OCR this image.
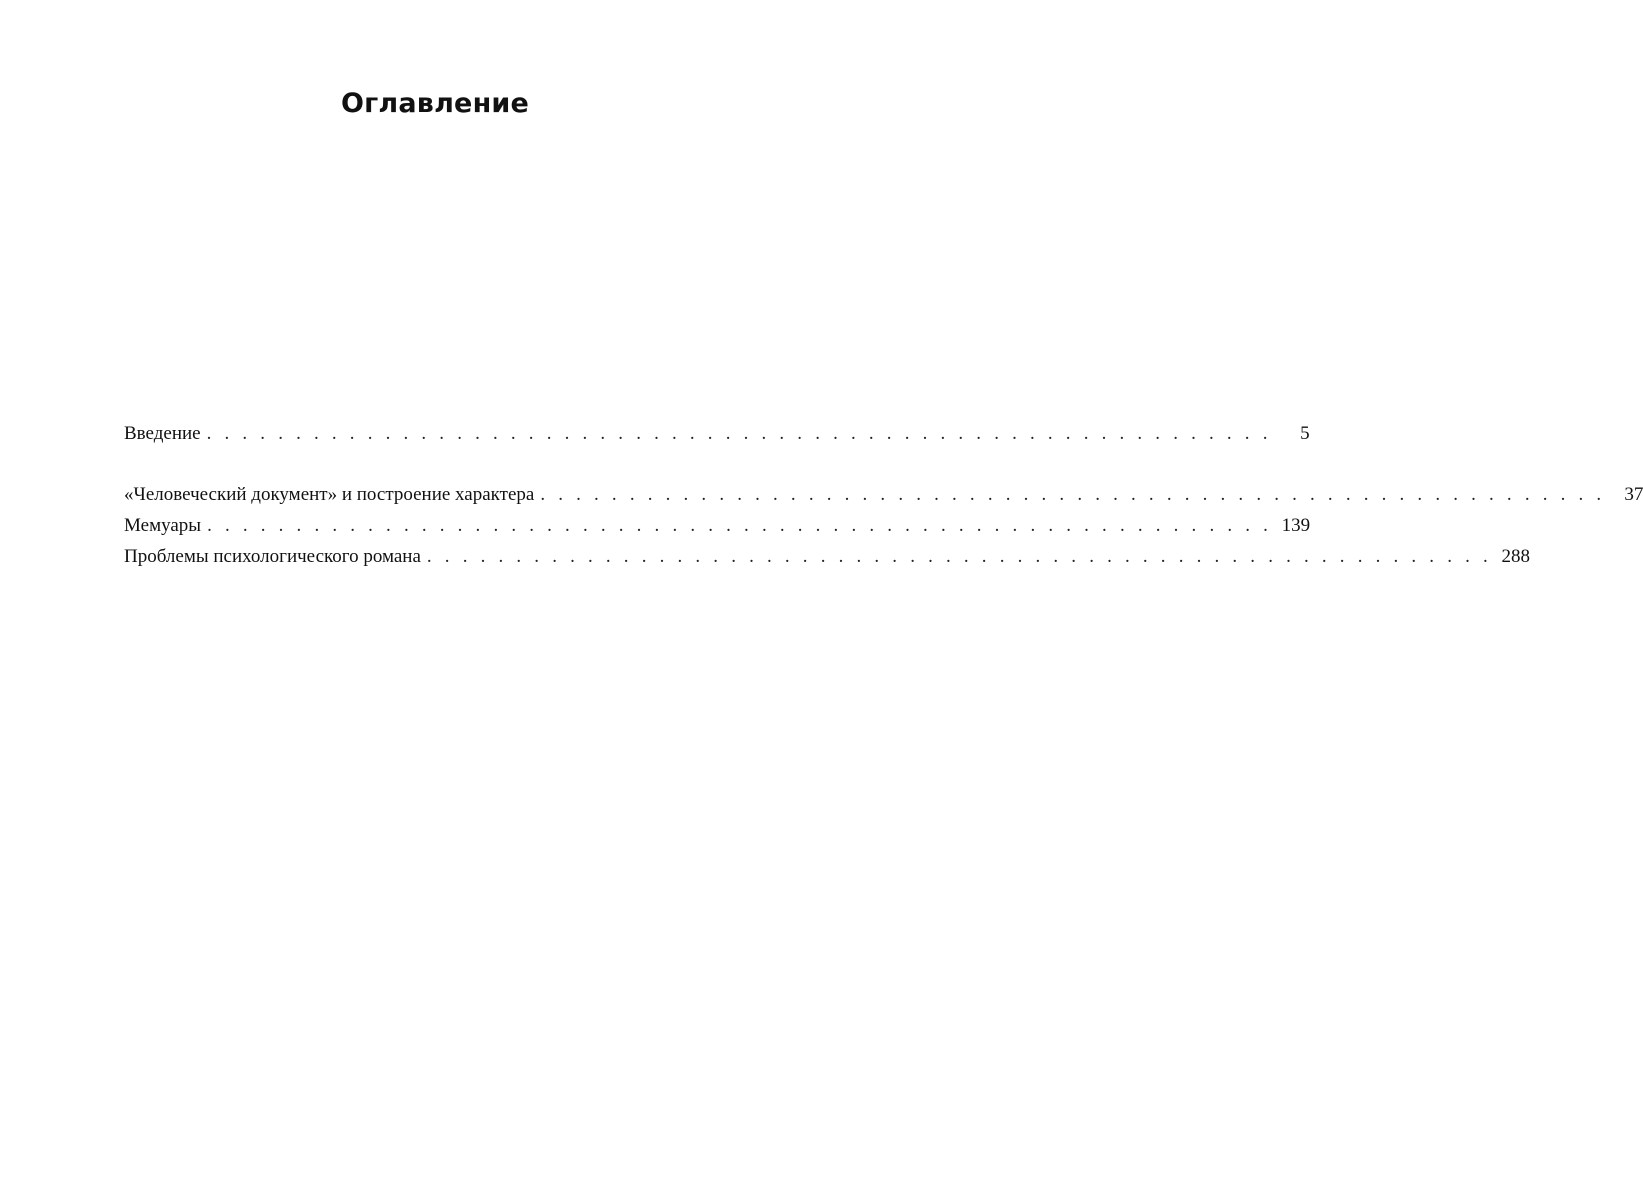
Оглавление
Введение . . . . . . . . . . . . . . . . . . . . . . . . . . . . . . . . . . . . . . . . . . . . . . . . . . . . . . . . . . . .	5
«Человеческий документ» и построение характера . . . . . . . . . . . . . . . . . . . . . . . . . . . . . . . . . . . . . . . . . . . . . . . . . . . . . . . . . . . .	37
Мемуары . . . . . . . . . . . . . . . . . . . . . . . . . . . . . . . . . . . . . . . . . . . . . . . . . . . . . . . . . . . . 139
Проблемы психологического романа . . . . . . . . . . . . . . . . . . . . . . . . . . . . . . . . . . . . . . . . . . . . . . . . . . . . . . . . . . . . 288
